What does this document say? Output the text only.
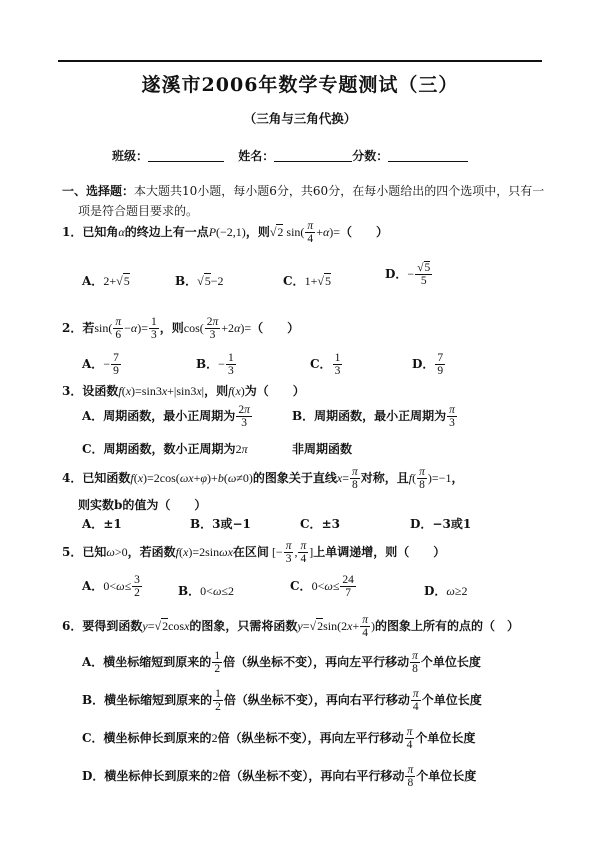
遂溪市2006年数学专题测试（三）
（三角与三角代换）
班级：	姓名：	分数：
一、选择题：本大题共10小题，每小题6分，共60分，在每小题给出的四个选项中，只有一
项是符合题目要求的。
1．已知角α的终边上有一点P(−2,1)，则√2 $\sin( \frac{\pi}{4} +\alpha)=$（　　）
A．2+√5	B．√5−2	C．1+√5	D．− $\frac{√5}{5}$
2．若$\sin( \frac{\pi}{6} -\alpha)= \frac{1}{3}$ ，则$\cos( \frac{2\pi}{3} +2\alpha)=$（　　）
A．− $\frac{7}{9}$	B．− $\frac{1}{3}$	C． $\frac{1}{3}$	D． $\frac{7}{9}$
3．设函数f(x)=sin3x+|sin3x|，则f(x)为（　　）
A．周期函数，最小正周期为 $\frac{2\pi}{3}$	B．周期函数，最小正周期为 $\frac{\pi}{3}$
C．周期函数，数小正周期为2π	非周期函数
4．已知函数f(x)=2cos(ωx+φ)+b(ω≠0)的图象关于直线$x= \frac{\pi}{8}$ 对称，且$f( \frac{\pi}{8} )=-1$，
则实数b的值为（　　）
A．±1	B．3或−1	C．±3	D．−3或1
5．已知ω>0，若函数f(x)=2sinωx在区间 [− $\frac{\pi}{3}$ , $\frac{\pi}{4}$ ]上单调递增，则（　　）
A．$0<\omega\le \frac{3}{2}$	B．0<ω≤2	C．$0<\omega\le \frac{24}{7}$	D．ω≥2
6．要得到函数y=√2cosx的图象，只需将函数$y=√2\sin(2x+ \frac{\pi}{4}$ )的图象上所有的点的（　）
A．横坐标缩短到原来的 $\frac{1}{2}$ 倍（纵坐标不变），再向左平行移动 $\frac{\pi}{8}$ 个单位长度
B．横坐标缩短到原来的 $\frac{1}{2}$ 倍（纵坐标不变），再向右平行移动 $\frac{\pi}{4}$ 个单位长度
C．横坐标伸长到原来的2倍（纵坐标不变），再向左平行移动 $\frac{\pi}{4}$ 个单位长度
D．横坐标伸长到原来的2倍（纵坐标不变），再向右平行移动 $\frac{\pi}{8}$ 个单位长度
